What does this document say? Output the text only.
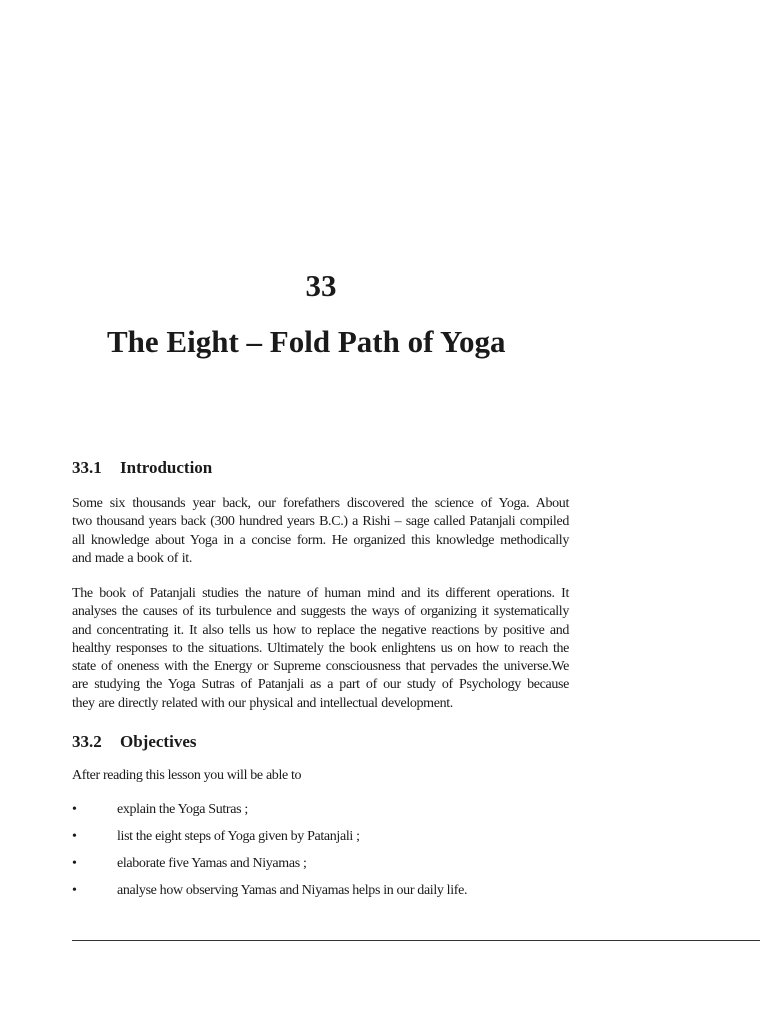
33
The Eight – Fold Path of Yoga
33.1 Introduction
Some six thousands year back, our forefathers discovered the science of Yoga. About
two thousand years back (300 hundred years B.C.) a Rishi – sage called Patanjali compiled
all knowledge about Yoga in a concise form. He organized this knowledge methodically
and made a book of it.
The book of Patanjali studies the nature of human mind and its different operations. It
analyses the causes of its turbulence and suggests the ways of organizing it systematically
and concentrating it. It also tells us how to replace the negative reactions by positive and
healthy responses to the situations. Ultimately the book enlightens us on how to reach the
state of oneness with the Energy or Supreme consciousness that pervades the universe.We
are studying the Yoga Sutras of Patanjali as a part of our study of Psychology because
they are directly related with our physical and intellectual development.
33.2 Objectives
After reading this lesson you will be able to
•	explain the Yoga Sutras ;
•	list the eight steps of Yoga given by Patanjali ;
•	elaborate five Yamas and Niyamas ;
•	analyse how observing Yamas and Niyamas helps in our daily life.
